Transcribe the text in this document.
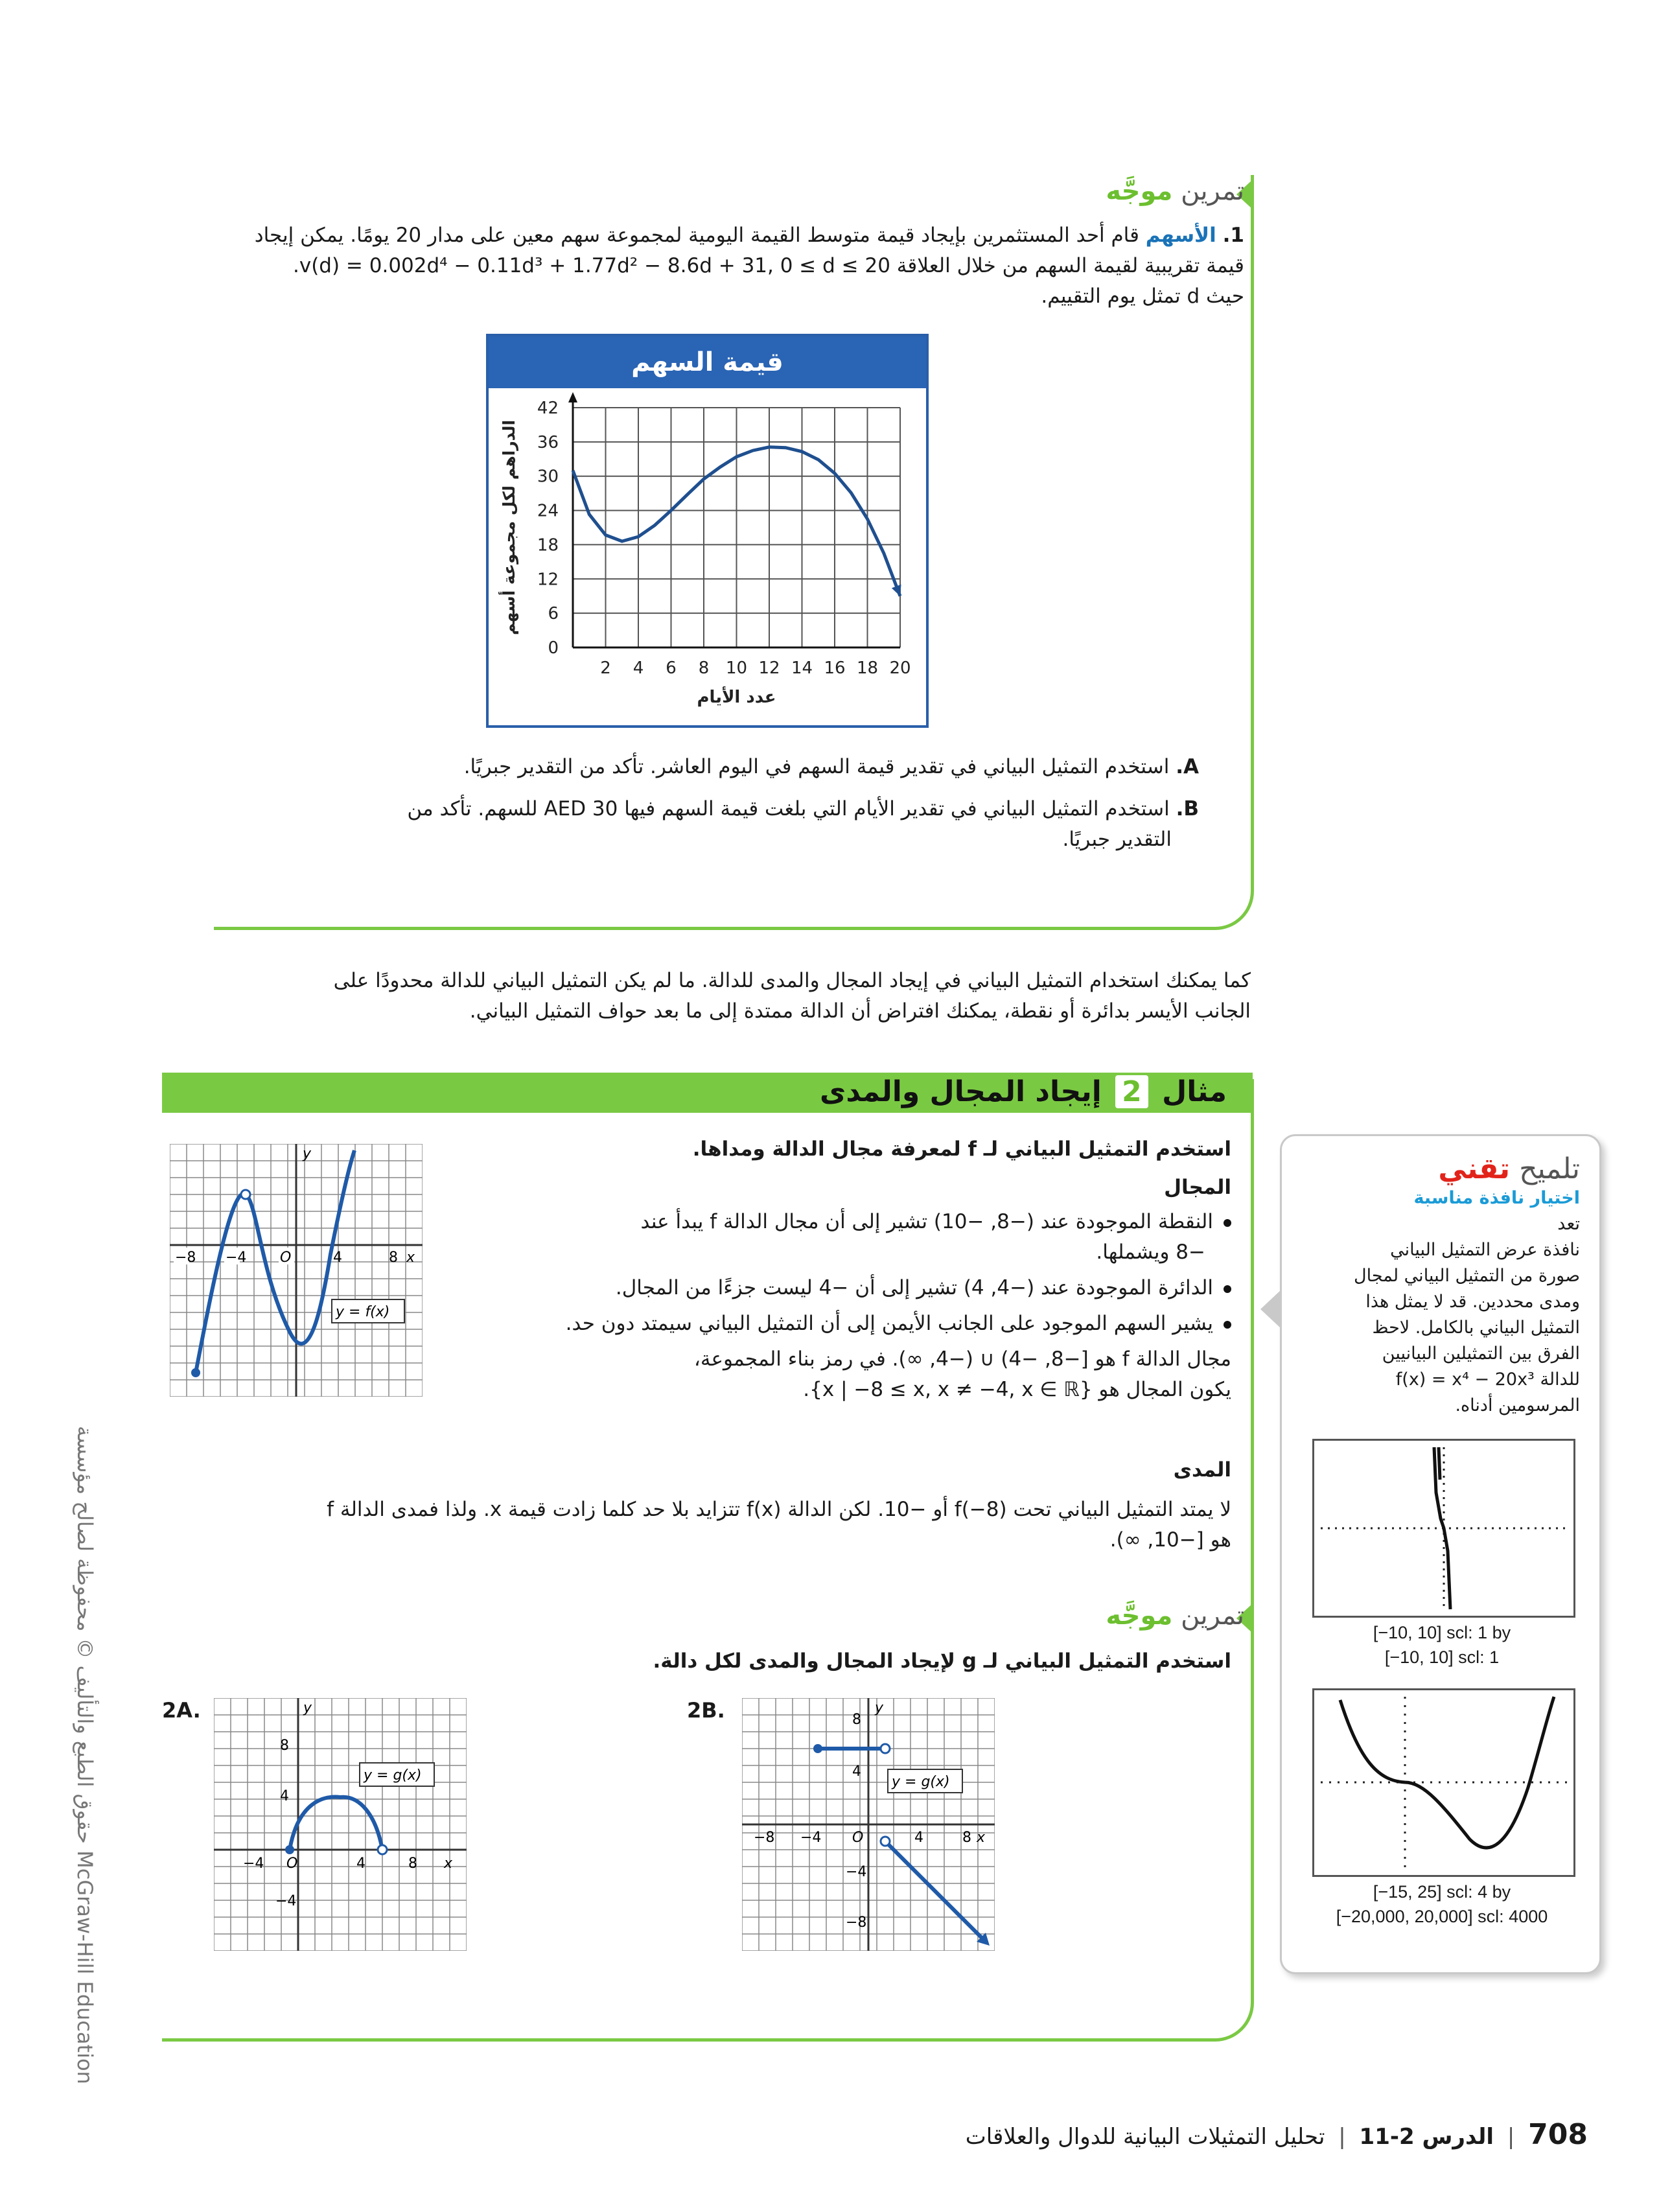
تمرين موجَّه
1. الأسهم قام أحد المستثمرين بإيجاد قيمة متوسط القيمة اليومية لمجموعة سهم معين على مدار 20 يومًا. يمكن إيجاد
قيمة تقريبية لقيمة السهم من خلال العلاقة v(d) = 0.002d⁴ − 0.11d³ + 1.77d² − 8.6d + 31, 0 ≤ d ≤ 20.
حيث d تمثل يوم التقييم.
قيمة السهم
2 4 6 8 10 12 14 16 18 20
0
6
12
18
24
30
36
42
عدد الأيام
الدراهم لكل مجموعة أسهم
A. استخدم التمثيل البياني في تقدير قيمة السهم في اليوم العاشر. تأكد من التقدير جبريًا.
B. استخدم التمثيل البياني في تقدير الأيام التي بلغت قيمة السهم فيها AED 30 للسهم. تأكد من
التقدير جبريًا.
كما يمكنك استخدام التمثيل البياني في إيجاد المجال والمدى للدالة. ما لم يكن التمثيل البياني للدالة محدودًا على
الجانب الأيسر بدائرة أو نقطة، يمكنك افتراض أن الدالة ممتدة إلى ما بعد حواف التمثيل البياني.
مثال 2 إيجاد المجال والمدى
استخدم التمثيل البياني لـ f لمعرفة مجال الدالة ومداها.
المجال
النقطة الموجودة عند (−8, −10) تشير إلى أن مجال الدالة f يبدأ عند
−8 ويشملها.
الدائرة الموجودة عند (−4, 4) تشير إلى أن −4 ليست جزءًا من المجال.
يشير السهم الموجود على الجانب الأيمن إلى أن التمثيل البياني سيمتد دون حد.
مجال الدالة f هو [−8, −4) ∪ (−4, ∞). في رمز بناء المجموعة،
يكون المجال هو {x | −8 ≤ x, x ≠ −4, x ∈ ℝ}.
المدى
لا يمتد التمثيل البياني تحت f(−8) أو −10. لكن الدالة f(x) تتزايد بلا حد كلما زادت قيمة x. ولذا فمدى الدالة f
هو [−10, ∞).
−8 −4 O	4	8 x
y
y = f(x)
تمرين موجَّه
استخدم التمثيل البياني لـ g لإيجاد المجال والمدى لكل دالة.
2A.	2B.
−4 O	4	8 x
y
8
4
−4
y = g(x)
−8 −4 O	4	8 x
y
8
4
−4
−8
y = g(x)
تلميح تقني
اختيار نافذة مناسبة
تعد
نافذة عرض التمثيل البياني
صورة من التمثيل البياني لمجال
ومدى محددين. قد لا يمثل هذا
التمثيل البياني بالكامل. لاحظ
الفرق بين التمثيلين البيانيين
للدالة f(x) = x⁴ − 20x³
المرسومين أدناه.
[−10, 10] scl: 1 by
[−10, 10] scl: 1
[−15, 25] scl: 4 by
[−20,000, 20,000] scl: 4000
حقوق الطبع والتأليف © محفوظة لصالح مؤسسة McGraw-Hill Education
708 | الدرس 2-11 | تحليل التمثيلات البيانية للدوال والعلاقات
